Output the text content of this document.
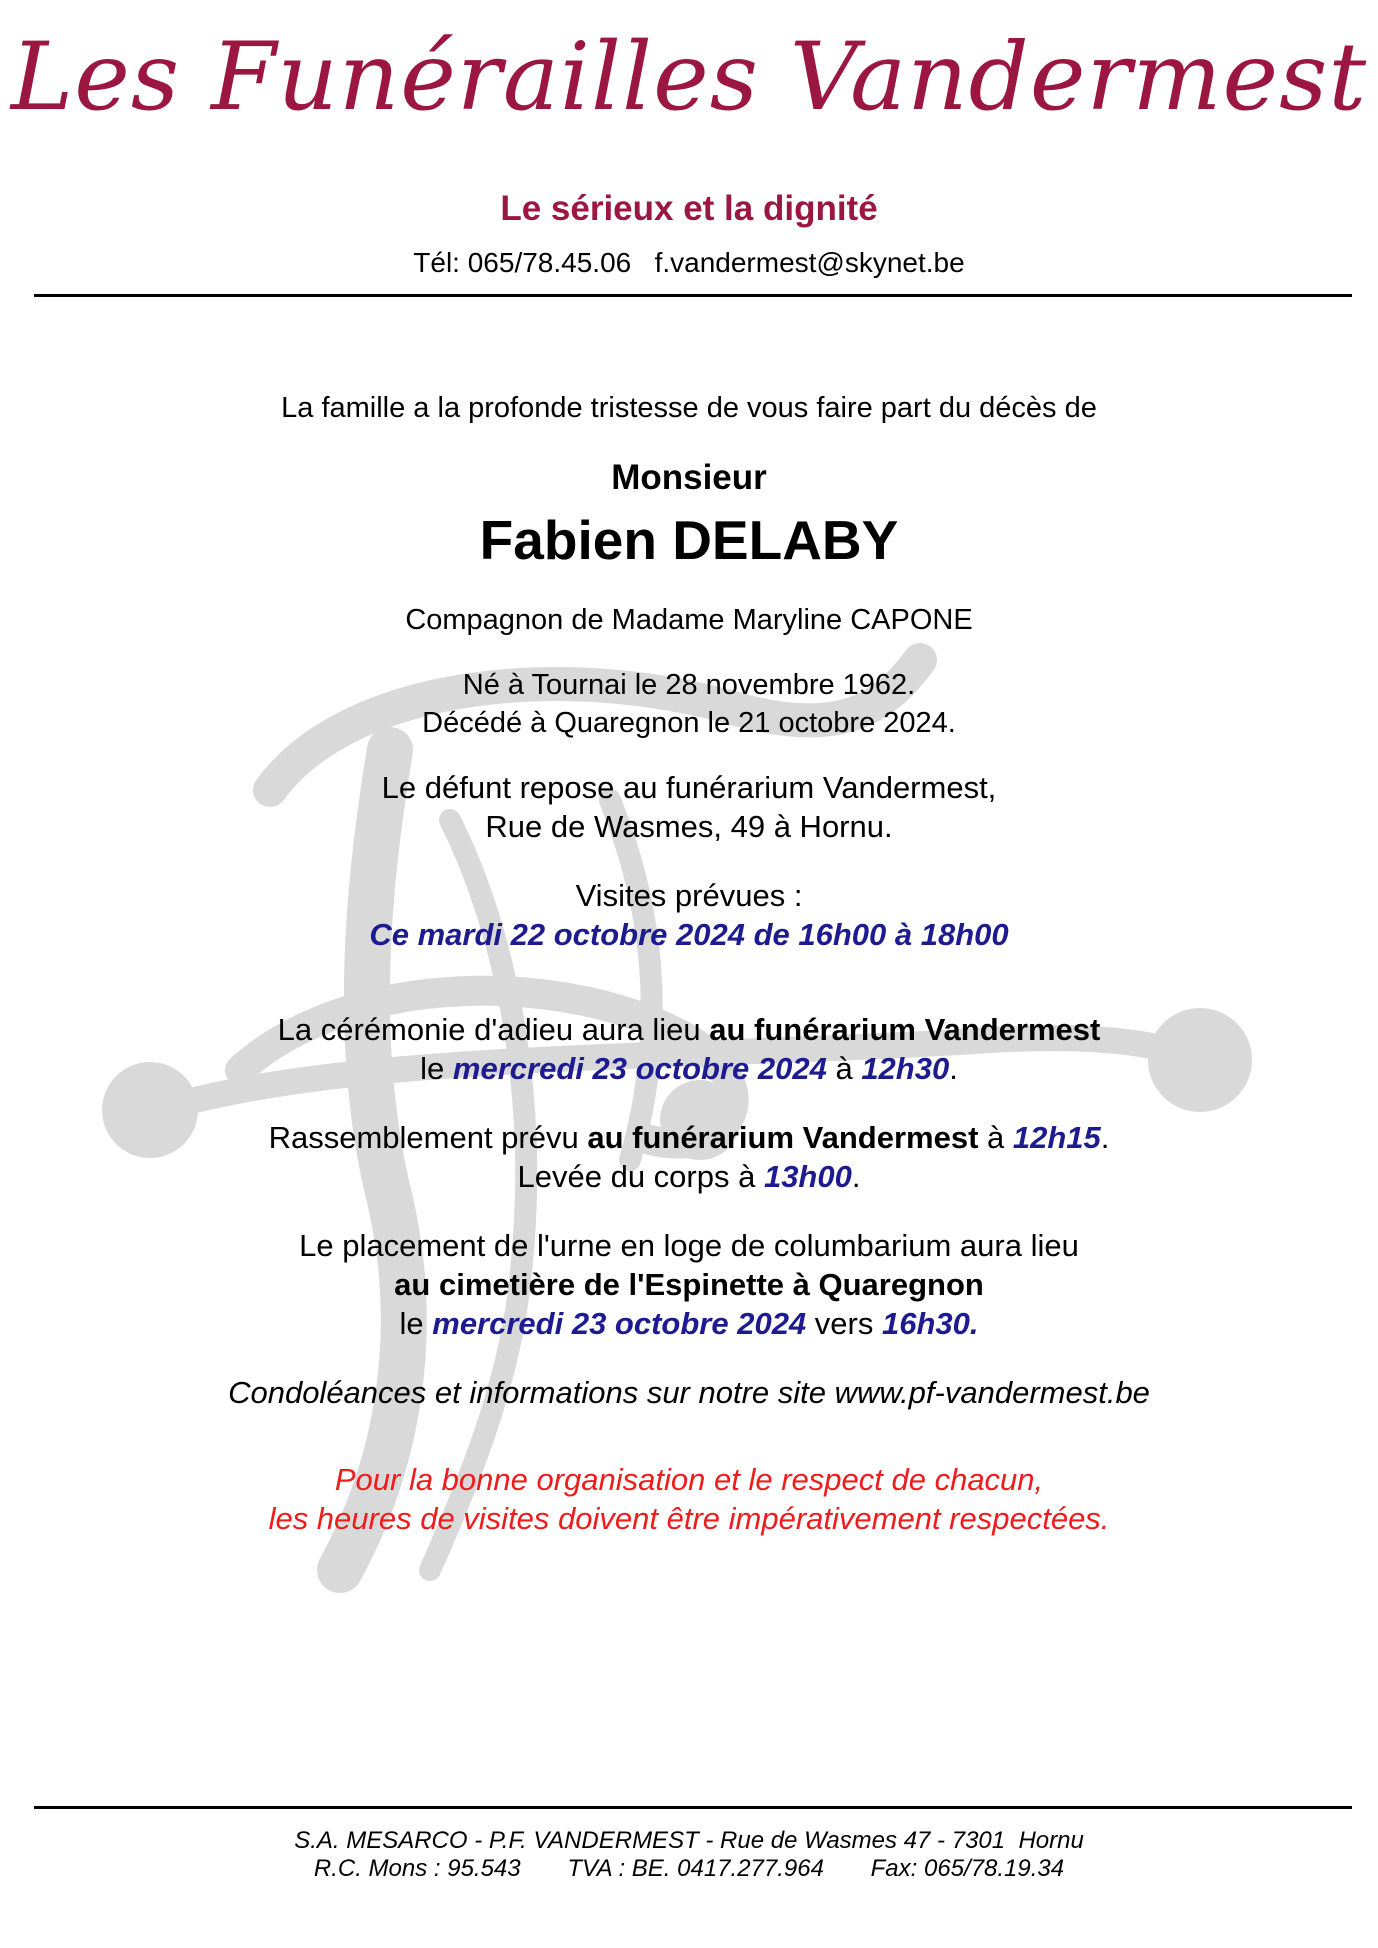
Les Funérailles Vandermest
Le sérieux et la dignité
Tél: 065/78.45.06 f.vandermest@skynet.be
La famille a la profonde tristesse de vous faire part du décès de
Monsieur
Fabien DELABY
Compagnon de Madame Maryline CAPONE
Né à Tournai le 28 novembre 1962.
Décédé à Quaregnon le 21 octobre 2024.
Le défunt repose au funérarium Vandermest,
Rue de Wasmes, 49 à Hornu.
Visites prévues :
Ce mardi 22 octobre 2024 de 16h00 à 18h00
La cérémonie d'adieu aura lieu au funérarium Vandermest
le mercredi 23 octobre 2024 à 12h30.
Rassemblement prévu au funérarium Vandermest à 12h15.
Levée du corps à 13h00.
Le placement de l'urne en loge de columbarium aura lieu
au cimetière de l'Espinette à Quaregnon
le mercredi 23 octobre 2024 vers 16h30.
Condoléances et informations sur notre site www.pf-vandermest.be
Pour la bonne organisation et le respect de chacun,
les heures de visites doivent être impérativement respectées.
S.A. MESARCO - P.F. VANDERMEST - Rue de Wasmes 47 - 7301  Hornu
R.C. Mons : 95.543 TVA : BE. 0417.277.964 Fax: 065/78.19.34
